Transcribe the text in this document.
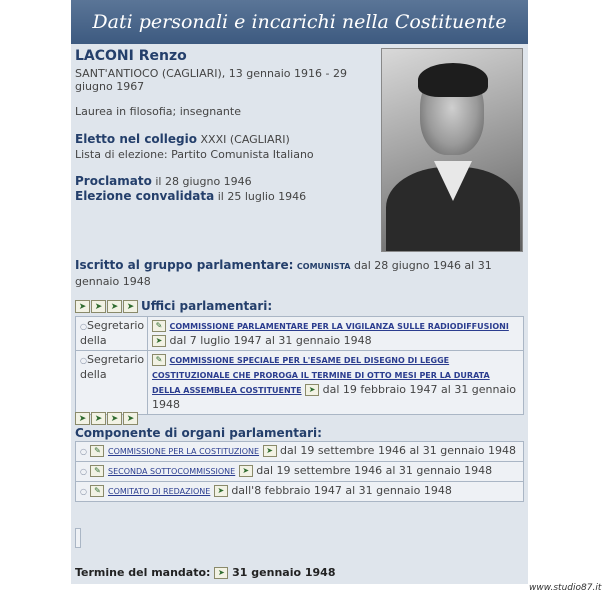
Dati personali e incarichi nella Costituente
LACONI Renzo
SANT'ANTIOCO (CAGLIARI), 13 gennaio 1916 - 29 giugno 1967
Laurea in filosofia; insegnante
Eletto nel collegio XXXI (CAGLIARI)
Lista di elezione: Partito Comunista Italiano
Proclamato il 28 giugno 1946
Elezione convalidata il 25 luglio 1946
Iscritto al gruppo parlamentare: COMUNISTA dal 28 giugno 1946 al 31 gennaio 1948
➤ ➤ ➤ ➤ Uffici parlamentari:
○Segretario della
✎ COMMISSIONE PARLAMENTARE PER LA VIGILANZA SULLE RADIODIFFUSIONI ➤ dal 7 luglio 1947 al 31 gennaio 1948
○Segretario della
✎ COMMISSIONE SPECIALE PER L'ESAME DEL DISEGNO DI LEGGE COSTITUZIONALE CHE PROROGA IL TERMINE DI OTTO MESI PER LA DURATA DELLA ASSEMBLEA COSTITUENTE ➤ dal 19 febbraio 1947 al 31 gennaio 1948
➤ ➤ ➤ ➤
Componente di organi parlamentari:
○ ✎ COMMISSIONE PER LA COSTITUZIONE ➤ dal 19 settembre 1946 al 31 gennaio 1948
○ ✎ SECONDA SOTTOCOMMISSIONE ➤ dal 19 settembre 1946 al 31 gennaio 1948
○ ✎ COMITATO DI REDAZIONE ➤ dall'8 febbraio 1947 al 31 gennaio 1948
Termine del mandato: ➤ 31 gennaio 1948
www.studio87.it
